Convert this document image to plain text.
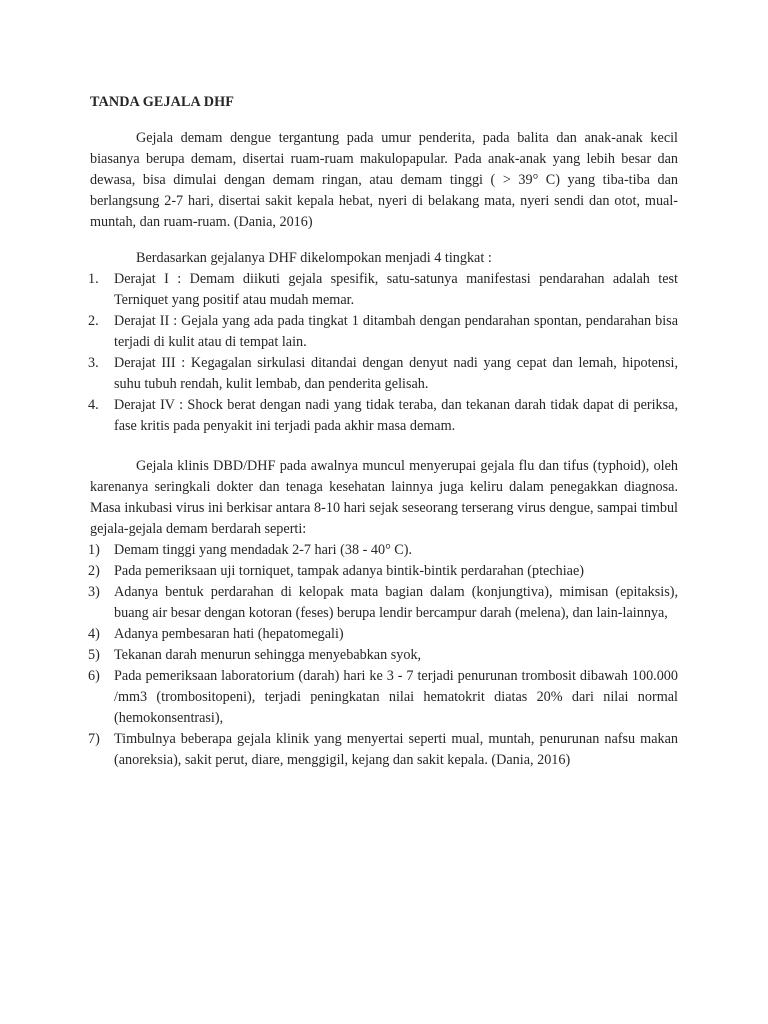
TANDA GEJALA DHF

Gejala demam dengue tergantung pada umur penderita, pada balita dan anak-anak kecil biasanya berupa demam, disertai ruam-ruam makulopapular. Pada anak-anak yang lebih besar dan dewasa, bisa dimulai dengan demam ringan, atau demam tinggi ( > 39° C) yang tiba-tiba dan berlangsung 2-7 hari, disertai sakit kepala hebat, nyeri di belakang mata, nyeri sendi dan otot, mual-muntah, dan ruam-ruam. (Dania, 2016)

Berdasarkan gejalanya DHF dikelompokan menjadi 4 tingkat :

1.	Derajat I : Demam diikuti gejala spesifik, satu-satunya manifestasi pendarahan adalah test Terniquet yang positif atau mudah memar.
2.	Derajat II : Gejala yang ada pada tingkat 1 ditambah dengan pendarahan spontan, pendarahan bisa terjadi di kulit atau di tempat lain.
3.	Derajat III : Kegagalan sirkulasi ditandai dengan denyut nadi yang cepat dan lemah, hipotensi, suhu tubuh rendah, kulit lembab, dan penderita gelisah.
4.	Derajat IV : Shock berat dengan nadi yang tidak teraba, dan tekanan darah tidak dapat di periksa, fase kritis pada penyakit ini terjadi pada akhir masa demam.

Gejala klinis DBD/DHF pada awalnya muncul menyerupai gejala flu dan tifus (typhoid), oleh karenanya seringkali dokter dan tenaga kesehatan lainnya juga keliru dalam penegakkan diagnosa. Masa inkubasi virus ini berkisar antara 8-10 hari sejak seseorang terserang virus dengue, sampai timbul gejala-gejala demam berdarah seperti:

1) Demam tinggi yang mendadak 2-7 hari (38 - 40° C).
2) Pada pemeriksaan uji torniquet, tampak adanya bintik-bintik perdarahan (ptechiae)
3) Adanya bentuk perdarahan di kelopak mata bagian dalam (konjungtiva), mimisan (epitaksis), buang air besar dengan kotoran (feses) berupa lendir bercampur darah (melena), dan lain-lainnya,
4) Adanya pembesaran hati (hepatomegali)
5) Tekanan darah menurun sehingga menyebabkan syok,
6) Pada pemeriksaan laboratorium (darah) hari ke 3 - 7 terjadi penurunan trombosit dibawah 100.000 /mm3 (trombositopeni), terjadi peningkatan nilai hematokrit diatas 20% dari nilai normal (hemokonsentrasi),
7) Timbulnya beberapa gejala klinik yang menyertai seperti mual, muntah, penurunan nafsu makan (anoreksia), sakit perut, diare, menggigil, kejang dan sakit kepala. (Dania, 2016)
